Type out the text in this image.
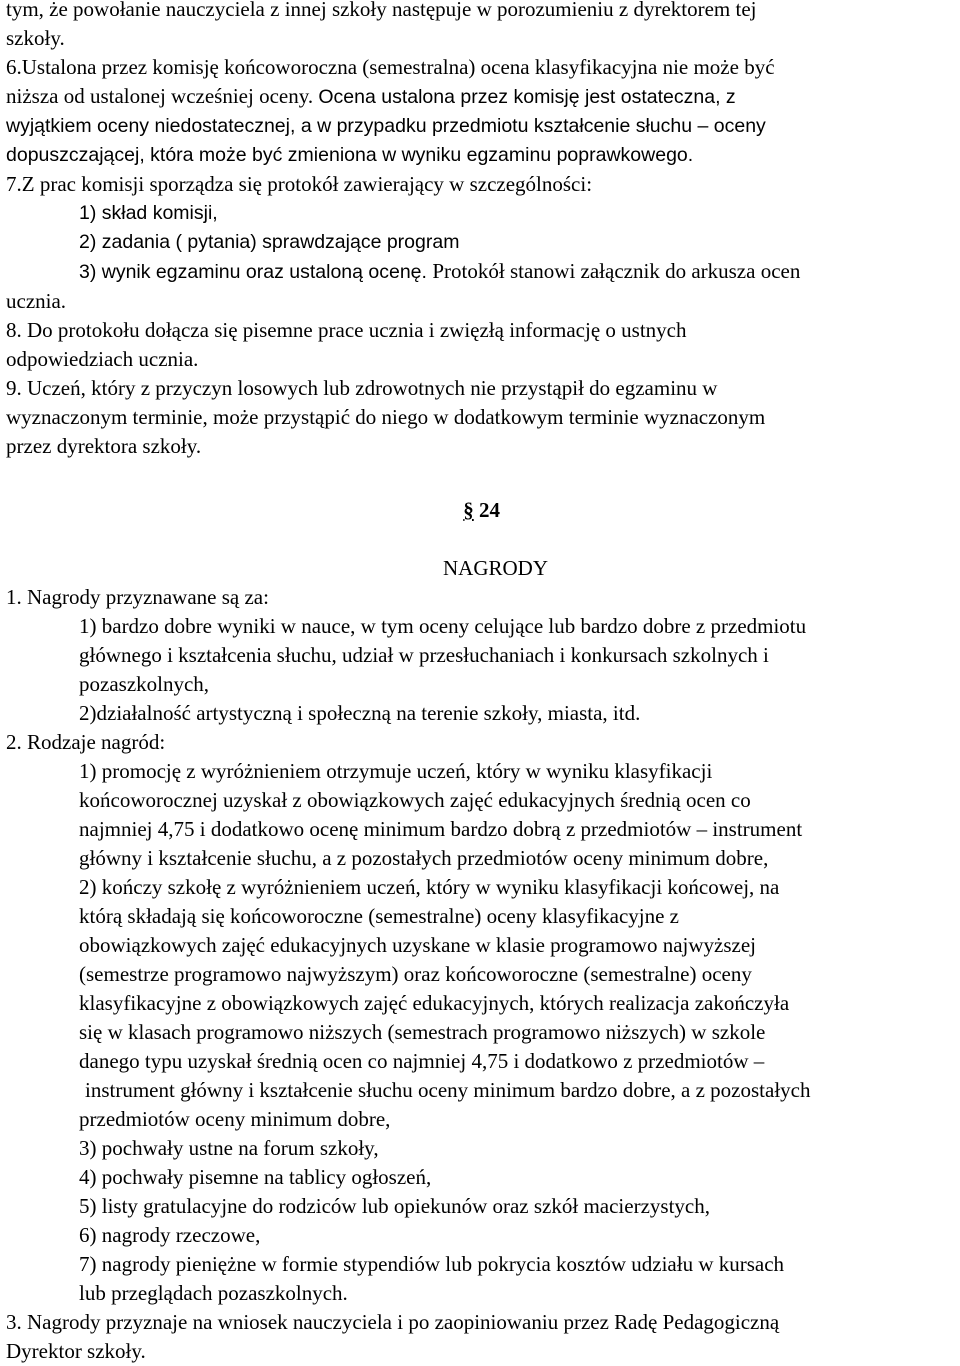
tym, że powołanie nauczyciela z innej szkoły następuje w porozumieniu z dyrektorem tej
szkoły.
6.Ustalona przez komisję końcoworoczna (semestralna) ocena klasyfikacyjna nie może być
niższa od ustalonej wcześniej oceny. Ocena ustalona przez komisję jest ostateczna, z
wyjątkiem oceny niedostatecznej, a w przypadku przedmiotu kształcenie słuchu – oceny
dopuszczającej, która może być zmieniona w wyniku egzaminu poprawkowego.
7.Z prac komisji sporządza się protokół zawierający w szczególności:
1) skład komisji,
2) zadania ( pytania) sprawdzające program
3) wynik egzaminu oraz ustaloną ocenę. Protokół stanowi załącznik do arkusza ocen
ucznia.
8. Do protokołu dołącza się pisemne prace ucznia i zwięzłą informację o ustnych
odpowiedziach ucznia.
9. Uczeń, który z przyczyn losowych lub zdrowotnych nie przystąpił do egzaminu w
wyznaczonym terminie, może przystąpić do niego w dodatkowym terminie wyznaczonym
przez dyrektora szkoły.
§ 24
NAGRODY
1. Nagrody przyznawane są za:
1) bardzo dobre wyniki w nauce, w tym oceny celujące lub bardzo dobre z przedmiotu
głównego i kształcenia słuchu, udział w przesłuchaniach i konkursach szkolnych i
pozaszkolnych,
2)działalność artystyczną i społeczną na terenie szkoły, miasta, itd.
2. Rodzaje nagród:
1) promocję z wyróżnieniem otrzymuje uczeń, który w wyniku klasyfikacji
końcoworocznej uzyskał z obowiązkowych zajęć edukacyjnych średnią ocen co
najmniej 4,75 i dodatkowo ocenę minimum bardzo dobrą z przedmiotów – instrument
główny i kształcenie słuchu, a z pozostałych przedmiotów oceny minimum dobre,
2) kończy szkołę z wyróżnieniem uczeń, który w wyniku klasyfikacji końcowej, na
którą składają się końcoworoczne (semestralne) oceny klasyfikacyjne z
obowiązkowych zajęć edukacyjnych uzyskane w klasie programowo najwyższej
(semestrze programowo najwyższym) oraz końcoworoczne (semestralne) oceny
klasyfikacyjne z obowiązkowych zajęć edukacyjnych, których realizacja zakończyła
się w klasach programowo niższych (semestrach programowo niższych) w szkole
danego typu uzyskał średnią ocen co najmniej 4,75 i dodatkowo z przedmiotów –
instrument główny i kształcenie słuchu oceny minimum bardzo dobre, a z pozostałych
przedmiotów oceny minimum dobre,
3) pochwały ustne na forum szkoły,
4) pochwały pisemne na tablicy ogłoszeń,
5) listy gratulacyjne do rodziców lub opiekunów oraz szkół macierzystych,
6) nagrody rzeczowe,
7) nagrody pieniężne w formie stypendiów lub pokrycia kosztów udziału w kursach
lub przeglądach pozaszkolnych.
3. Nagrody przyznaje na wniosek nauczyciela i po zaopiniowaniu przez Radę Pedagogiczną
Dyrektor szkoły.
